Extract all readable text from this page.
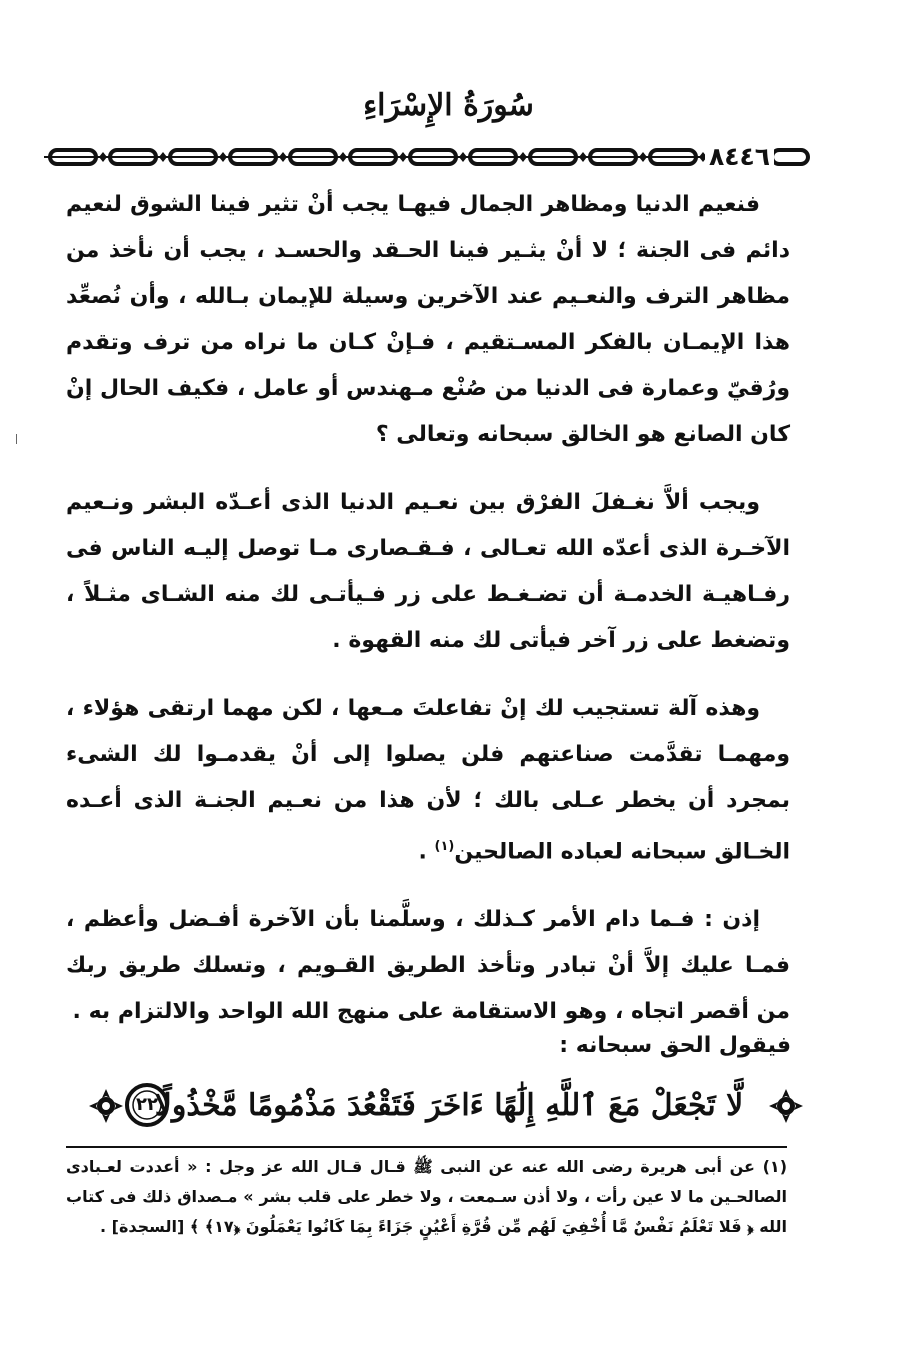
سُورَةُ الإِسْرَاءِ
٨٤٤٦

فنعيم الدنيا ومظاهر الجمال فيهـا يجب أنْ تثير فينا الشوق لنعيم دائم فى الجنة ؛ لا أنْ يثـير فينا الحـقد والحسـد ، يجب أن نأخذ من مظاهر الترف والنعـيم عند الآخرين وسيلة للإيمان بـالله ، وأن نُصعِّد هذا الإيمـان بالفكر المسـتقيم ، فـإنْ كـان ما نراه من ترف وتقدم ورُقيّ وعمارة فى الدنيا من صُنْع مـهندس أو عامل ، فكيف الحال إنْ كان الصانع هو الخالق سبحانه وتعالى ؟

ويجب ألاَّ نغـفلَ الفرْق بين نعـيم الدنيا الذى أعـدّه البشر ونـعيم الآخـرة الذى أعدّه الله تعـالى ، فـقـصارى مـا توصل إليـه الناس فى رفـاهيـة الخدمـة أن تضـغـط على زر فـيأتـى لك منه الشـاى مثـلاً ، وتضغط على زر آخر فيأتى لك منه القهوة .

وهذه آلة تستجيب لك إنْ تفاعلتَ مـعها ، لكن مهما ارتقى هؤلاء ، ومهمـا تقدَّمت صناعتهم فلن يصلوا إلى أنْ يقدمـوا لك الشىء بمجرد أن يخطر عـلى بالك ؛ لأن هذا من نعـيم الجنـة الذى أعـده الخـالق سبحانه لعباده الصالحين$^{(١)}$ .

إذن : فـما دام الأمر كـذلك ، وسلَّمنا بأن الآخرة أفـضل وأعظم ، فمـا عليك إلاَّ أنْ تبادر وتأخذ الطريق القـويم ، وتسلك طريق ربك من أقصر اتجاه ، وهو الاستقامة على منهج الله الواحد والالتزام به .

فيقول الحق سبحانه :
لَّا تَجْعَلْ مَعَ ٱللَّهِ إِلَٰهًا ءَاخَرَ فَتَقْعُدَ مَذْمُومًا مَّخْذُولًا
٢٢
(١) عن أبى هريرة رضى الله عنه عن النبى ﷺ قـال قـال الله عز وجل : « أعددت لعـبادى الصالحـين ما لا عين رأت ، ولا أذن سـمعت ، ولا خطر على قلب بشر » مـصداق ذلك فى كتاب الله ﴿ فَلا تَعْلَمُ نَفْسٌ مَّا أُخْفِيَ لَهُم مِّن قُرَّةِ أَعْيُنٍ جَزَاءً بِمَا كَانُوا يَعْمَلُونَ ﴿١٧﴾ ﴾ [السجدة] .
